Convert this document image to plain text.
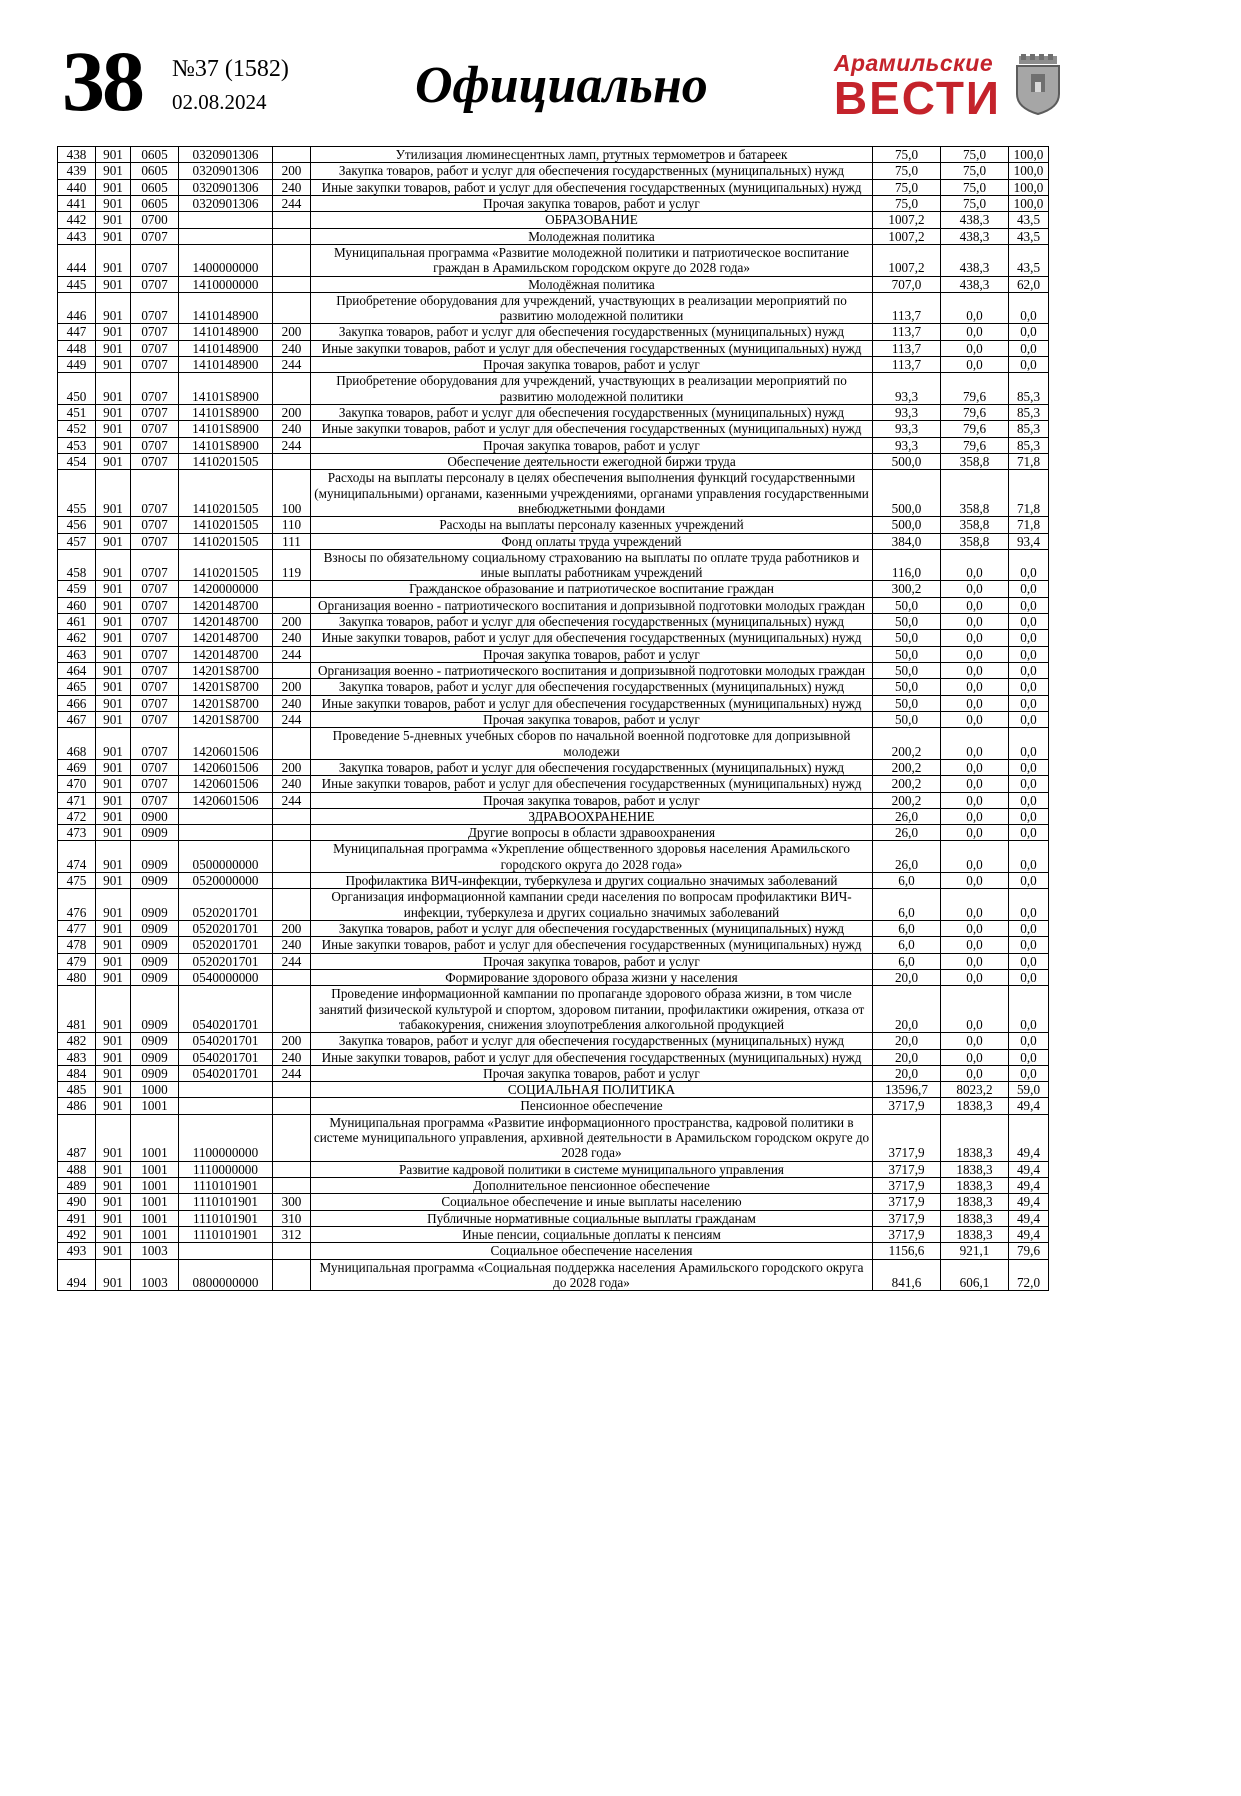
38 №37 (1582)
02.08.2024	Официально	Арамильские
ВЕСТИ
438	901	0605	0320901306		Утилизация люминесцентных ламп, ртутных термометров и батареек	75,0	75,0	100,0
439	901	0605	0320901306	200	Закупка товаров, работ и услуг для обеспечения государственных (муниципальных) нужд	75,0	75,0	100,0
440	901	0605	0320901306	240	Иные закупки товаров, работ и услуг для обеспечения государственных (муниципальных) нужд	75,0	75,0	100,0
441	901	0605	0320901306	244	Прочая закупка товаров, работ и услуг	75,0	75,0	100,0
442	901	0700			ОБРАЗОВАНИЕ	1007,2	438,3	43,5
443	901	0707			Молодежная политика	1007,2	438,3	43,5
444	901	0707	1400000000		Муниципальная программа «Развитие молодежной политики и патриотическое воспитание граждан в Арамильском городском округе до 2028 года»	1007,2	438,3	43,5
445	901	0707	1410000000		Молодёжная политика	707,0	438,3	62,0
446	901	0707	1410148900		Приобретение оборудования для учреждений, участвующих в реализации мероприятий по развитию молодежной политики	113,7	0,0	0,0
447	901	0707	1410148900	200	Закупка товаров, работ и услуг для обеспечения государственных (муниципальных) нужд	113,7	0,0	0,0
448	901	0707	1410148900	240	Иные закупки товаров, работ и услуг для обеспечения государственных (муниципальных) нужд	113,7	0,0	0,0
449	901	0707	1410148900	244	Прочая закупка товаров, работ и услуг	113,7	0,0	0,0
450	901	0707	14101S8900		Приобретение оборудования для учреждений, участвующих в реализации мероприятий по развитию молодежной политики	93,3	79,6	85,3
451	901	0707	14101S8900	200	Закупка товаров, работ и услуг для обеспечения государственных (муниципальных) нужд	93,3	79,6	85,3
452	901	0707	14101S8900	240	Иные закупки товаров, работ и услуг для обеспечения государственных (муниципальных) нужд	93,3	79,6	85,3
453	901	0707	14101S8900	244	Прочая закупка товаров, работ и услуг	93,3	79,6	85,3
454	901	0707	1410201505		Обеспечение деятельности ежегодной биржи труда	500,0	358,8	71,8
455	901	0707	1410201505	100	Расходы на выплаты персоналу в целях обеспечения выполнения функций государственными (муниципальными) органами, казенными учреждениями, органами управления государственными внебюджетными фондами	500,0	358,8	71,8
456	901	0707	1410201505	110	Расходы на выплаты персоналу казенных учреждений	500,0	358,8	71,8
457	901	0707	1410201505	111	Фонд оплаты труда учреждений	384,0	358,8	93,4
458	901	0707	1410201505	119	Взносы по обязательному социальному страхованию на выплаты по оплате труда работников и иные выплаты работникам учреждений	116,0	0,0	0,0
459	901	0707	1420000000		Гражданское образование и патриотическое воспитание граждан	300,2	0,0	0,0
460	901	0707	1420148700		Организация военно - патриотического воспитания и допризывной подготовки молодых граждан	50,0	0,0	0,0
461	901	0707	1420148700	200	Закупка товаров, работ и услуг для обеспечения государственных (муниципальных) нужд	50,0	0,0	0,0
462	901	0707	1420148700	240	Иные закупки товаров, работ и услуг для обеспечения государственных (муниципальных) нужд	50,0	0,0	0,0
463	901	0707	1420148700	244	Прочая закупка товаров, работ и услуг	50,0	0,0	0,0
464	901	0707	14201S8700		Организация военно - патриотического воспитания и допризывной подготовки молодых граждан	50,0	0,0	0,0
465	901	0707	14201S8700	200	Закупка товаров, работ и услуг для обеспечения государственных (муниципальных) нужд	50,0	0,0	0,0
466	901	0707	14201S8700	240	Иные закупки товаров, работ и услуг для обеспечения государственных (муниципальных) нужд	50,0	0,0	0,0
467	901	0707	14201S8700	244	Прочая закупка товаров, работ и услуг	50,0	0,0	0,0
468	901	0707	1420601506		Проведение 5-дневных учебных сборов по начальной военной подготовке для допризывной молодежи	200,2	0,0	0,0
469	901	0707	1420601506	200	Закупка товаров, работ и услуг для обеспечения государственных (муниципальных) нужд	200,2	0,0	0,0
470	901	0707	1420601506	240	Иные закупки товаров, работ и услуг для обеспечения государственных (муниципальных) нужд	200,2	0,0	0,0
471	901	0707	1420601506	244	Прочая закупка товаров, работ и услуг	200,2	0,0	0,0
472	901	0900			ЗДРАВООХРАНЕНИЕ	26,0	0,0	0,0
473	901	0909			Другие вопросы в области здравоохранения	26,0	0,0	0,0
474	901	0909	0500000000		Муниципальная программа «Укрепление общественного здоровья населения Арамильского городского округа до 2028 года»	26,0	0,0	0,0
475	901	0909	0520000000		Профилактика ВИЧ-инфекции, туберкулеза и других социально значимых заболеваний	6,0	0,0	0,0
476	901	0909	0520201701		Организация информационной кампании среди населения по вопросам профилактики ВИЧ-инфекции, туберкулеза и других социально значимых заболеваний	6,0	0,0	0,0
477	901	0909	0520201701	200	Закупка товаров, работ и услуг для обеспечения государственных (муниципальных) нужд	6,0	0,0	0,0
478	901	0909	0520201701	240	Иные закупки товаров, работ и услуг для обеспечения государственных (муниципальных) нужд	6,0	0,0	0,0
479	901	0909	0520201701	244	Прочая закупка товаров, работ и услуг	6,0	0,0	0,0
480	901	0909	0540000000		Формирование здорового образа жизни у населения	20,0	0,0	0,0
481	901	0909	0540201701		Проведение информационной кампании по пропаганде здорового образа жизни, в том числе занятий физической культурой и спортом, здоровом питании, профилактики ожирения, отказа от табакокурения, снижения злоупотребления алкогольной продукцией	20,0	0,0	0,0
482	901	0909	0540201701	200	Закупка товаров, работ и услуг для обеспечения государственных (муниципальных) нужд	20,0	0,0	0,0
483	901	0909	0540201701	240	Иные закупки товаров, работ и услуг для обеспечения государственных (муниципальных) нужд	20,0	0,0	0,0
484	901	0909	0540201701	244	Прочая закупка товаров, работ и услуг	20,0	0,0	0,0
485	901	1000			СОЦИАЛЬНАЯ ПОЛИТИКА	13596,7	8023,2	59,0
486	901	1001			Пенсионное обеспечение	3717,9	1838,3	49,4
487	901	1001	1100000000		Муниципальная программа «Развитие информационного пространства, кадровой политики в системе муниципального управления, архивной деятельности в Арамильском городском округе до 2028 года»	3717,9	1838,3	49,4
488	901	1001	1110000000		Развитие кадровой политики в системе муниципального управления	3717,9	1838,3	49,4
489	901	1001	1110101901		Дополнительное пенсионное обеспечение	3717,9	1838,3	49,4
490	901	1001	1110101901	300	Социальное обеспечение и иные выплаты населению	3717,9	1838,3	49,4
491	901	1001	1110101901	310	Публичные нормативные социальные выплаты гражданам	3717,9	1838,3	49,4
492	901	1001	1110101901	312	Иные пенсии, социальные доплаты к пенсиям	3717,9	1838,3	49,4
493	901	1003			Социальное обеспечение населения	1156,6	921,1	79,6
494	901	1003	0800000000		Муниципальная программа «Социальная поддержка населения Арамильского городского округа до 2028 года»	841,6	606,1	72,0
